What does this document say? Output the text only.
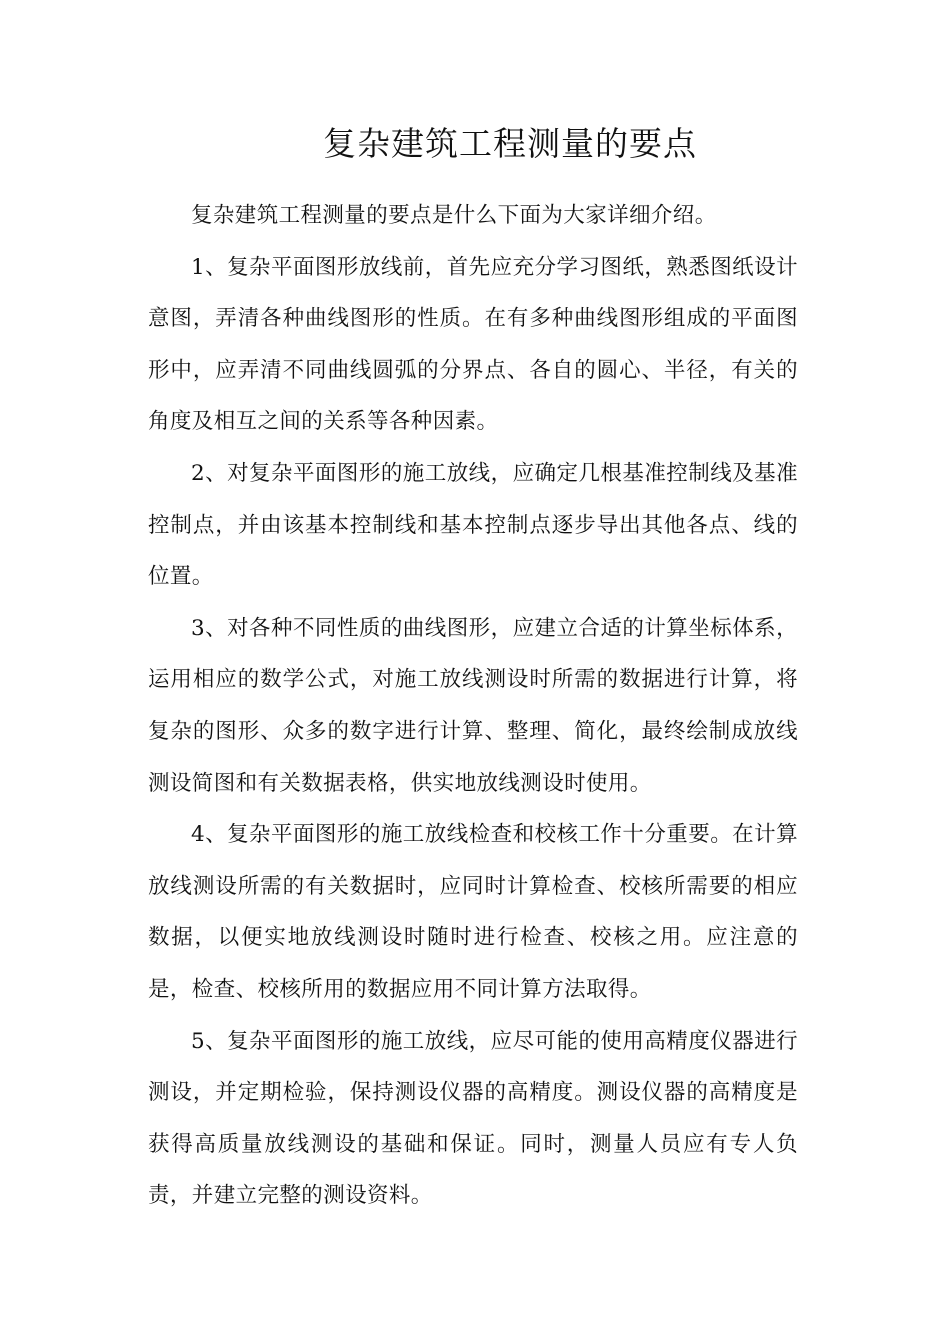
复杂建筑工程测量的要点

复杂建筑工程测量的要点是什么下面为大家详细介绍。

1、复杂平面图形放线前，首先应充分学习图纸，熟悉图纸设计意图，弄清各种曲线图形的性质。在有多种曲线图形组成的平面图形中，应弄清不同曲线圆弧的分界点、各自的圆心、半径，有关的角度及相互之间的关系等各种因素。

2、对复杂平面图形的施工放线，应确定几根基准控制线及基准控制点，并由该基本控制线和基本控制点逐步导出其他各点、线的位置。

3、对各种不同性质的曲线图形，应建立合适的计算坐标体系，运用相应的数学公式，对施工放线测设时所需的数据进行计算，将复杂的图形、众多的数字进行计算、整理、简化，最终绘制成放线测设简图和有关数据表格，供实地放线测设时使用。

4、复杂平面图形的施工放线检查和校核工作十分重要。在计算放线测设所需的有关数据时，应同时计算检查、校核所需要的相应数据，以便实地放线测设时随时进行检查、校核之用。应注意的是，检查、校核所用的数据应用不同计算方法取得。

5、复杂平面图形的施工放线，应尽可能的使用高精度仪器进行测设，并定期检验，保持测设仪器的高精度。测设仪器的高精度是获得高质量放线测设的基础和保证。同时，测量人员应有专人负责，并建立完整的测设资料。
